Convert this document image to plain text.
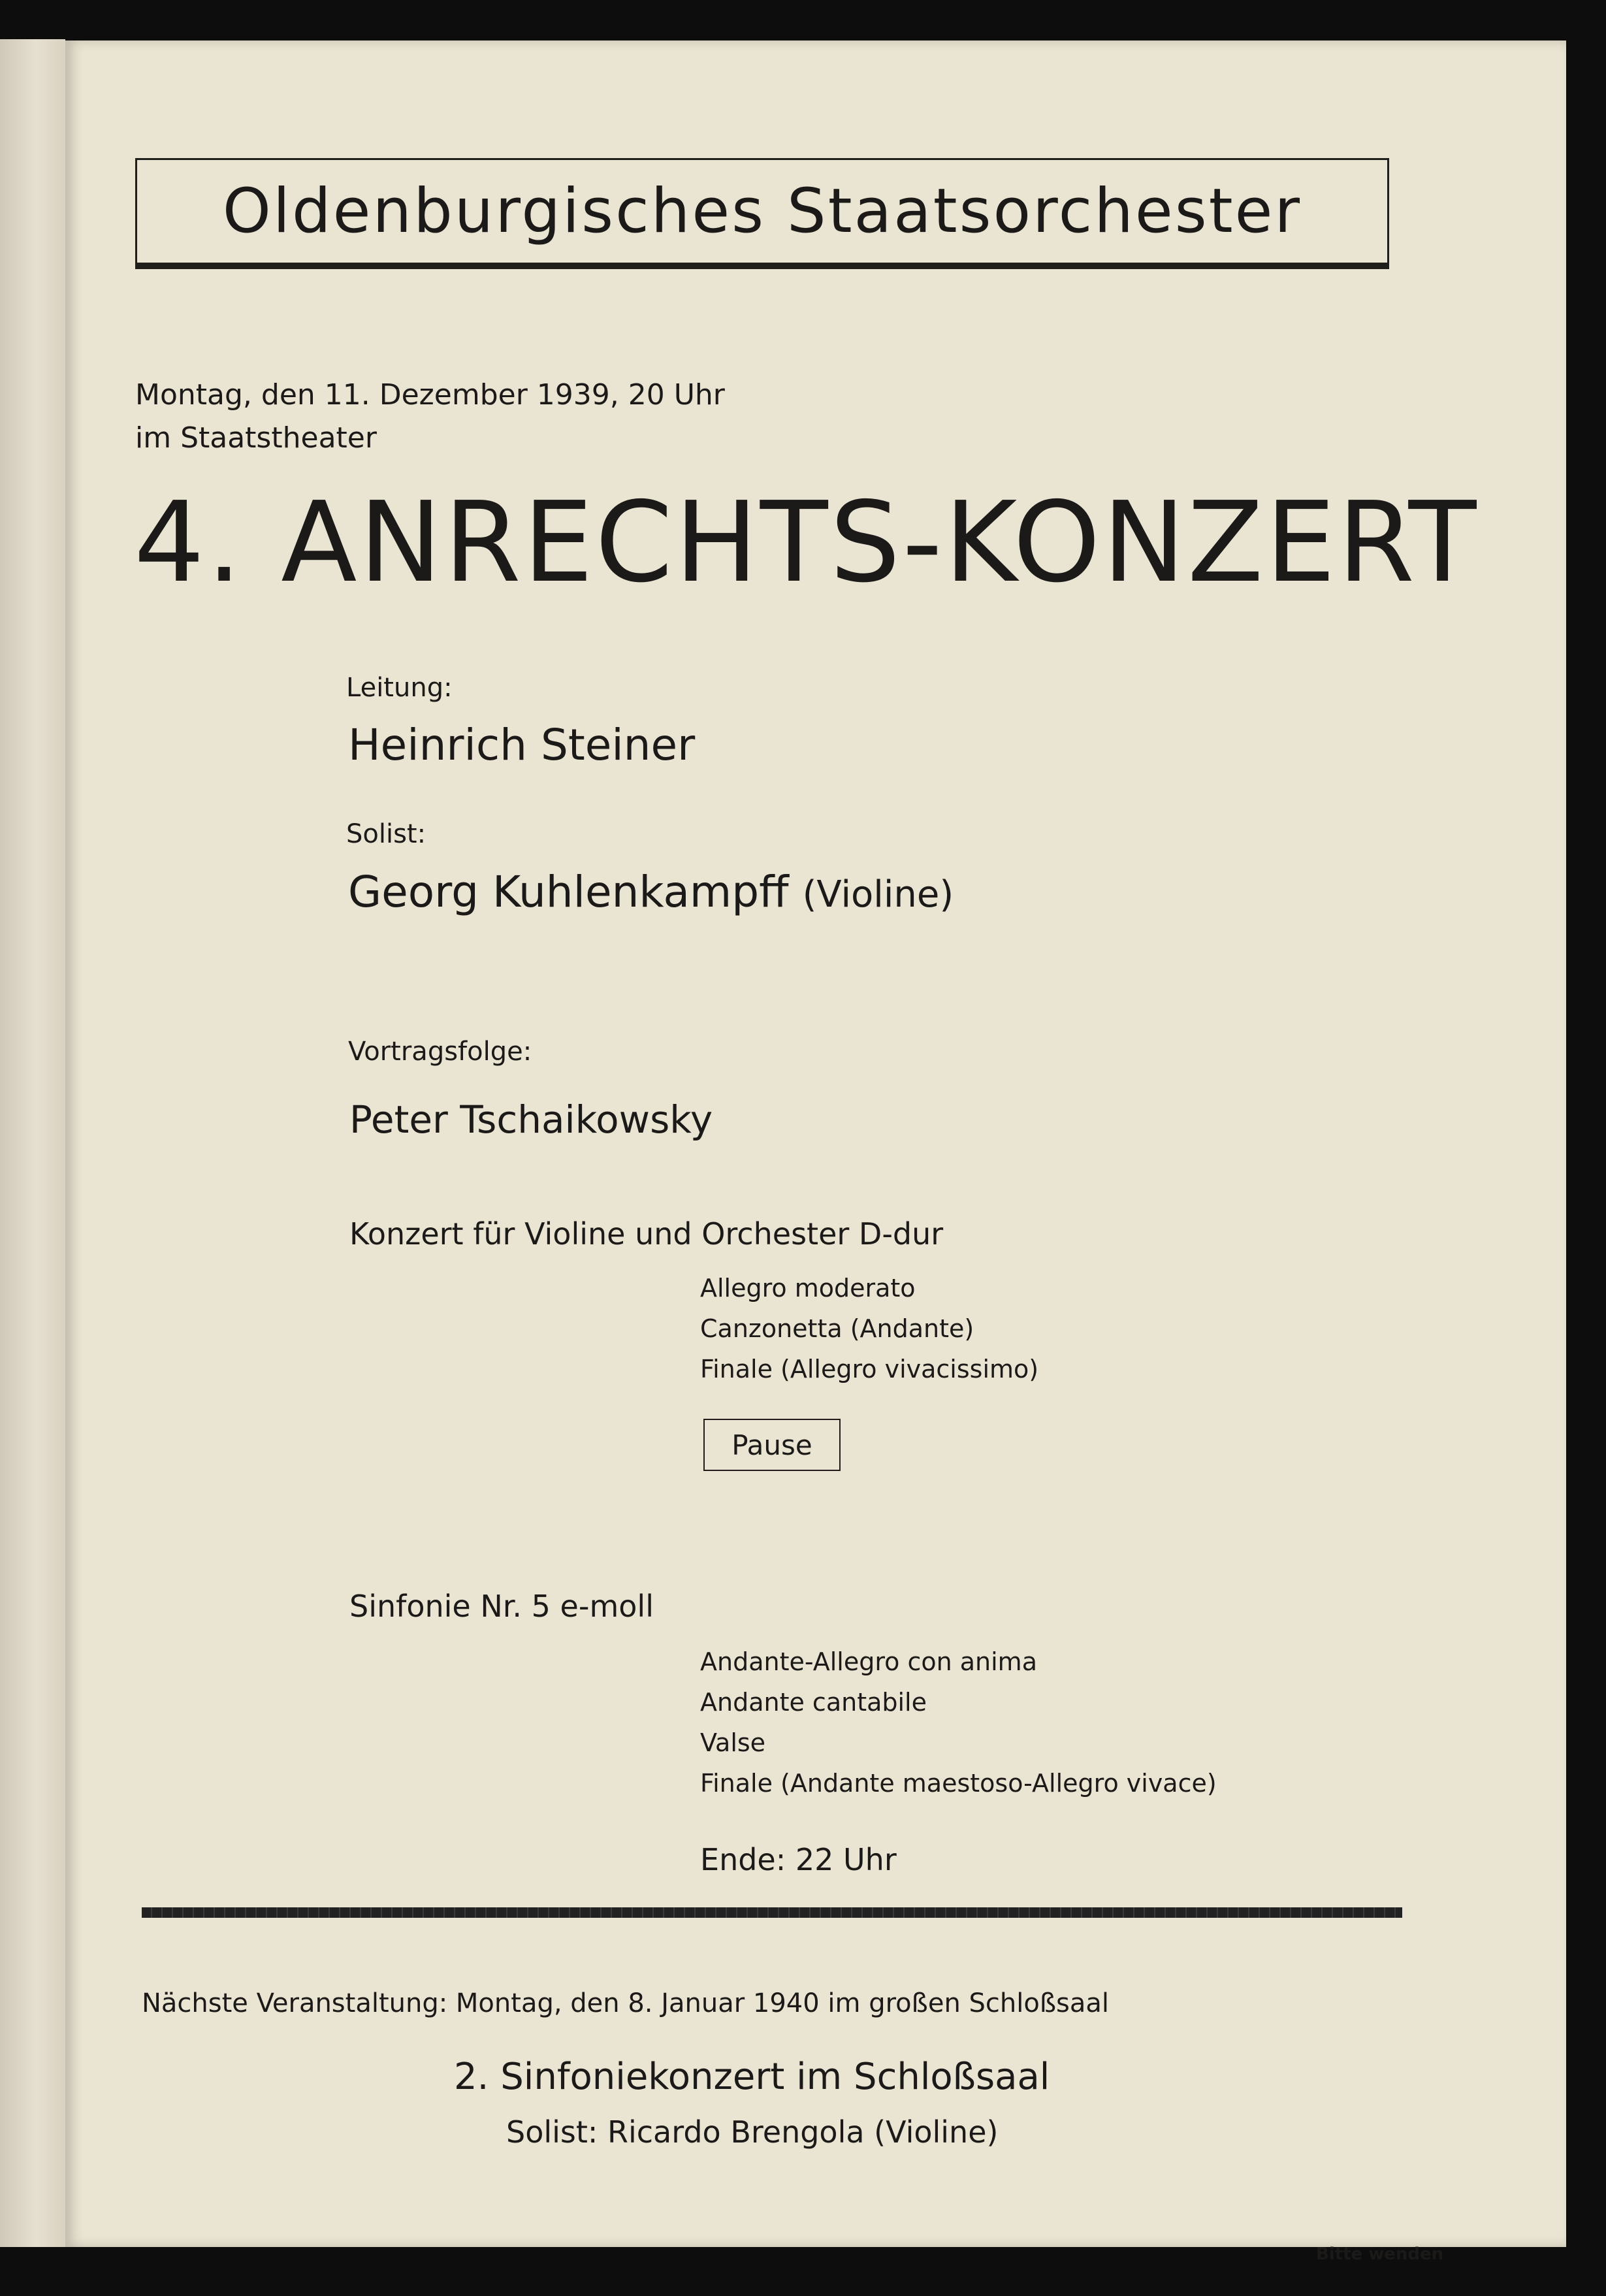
Oldenburgisches Staatsorchester
Montag, den 11. Dezember 1939, 20 Uhr
im Staatstheater
4. ANRECHTS-KONZERT
Leitung:
Heinrich Steiner
Solist:
Georg Kuhlenkampff (Violine)
Vortragsfolge:
Peter Tschaikowsky
Konzert für Violine und Orchester D-dur
Allegro moderato
Canzonetta (Andante)
Finale (Allegro vivacissimo)
Pause
Sinfonie Nr. 5 e-moll
Andante-Allegro con anima
Andante cantabile
Valse
Finale (Andante maestoso-Allegro vivace)
Ende: 22 Uhr
Nächste Veranstaltung: Montag, den 8. Januar 1940 im großen Schloßsaal
2. Sinfoniekonzert im Schloßsaal
Solist: Ricardo Brengola (Violine)
Bitte wenden
